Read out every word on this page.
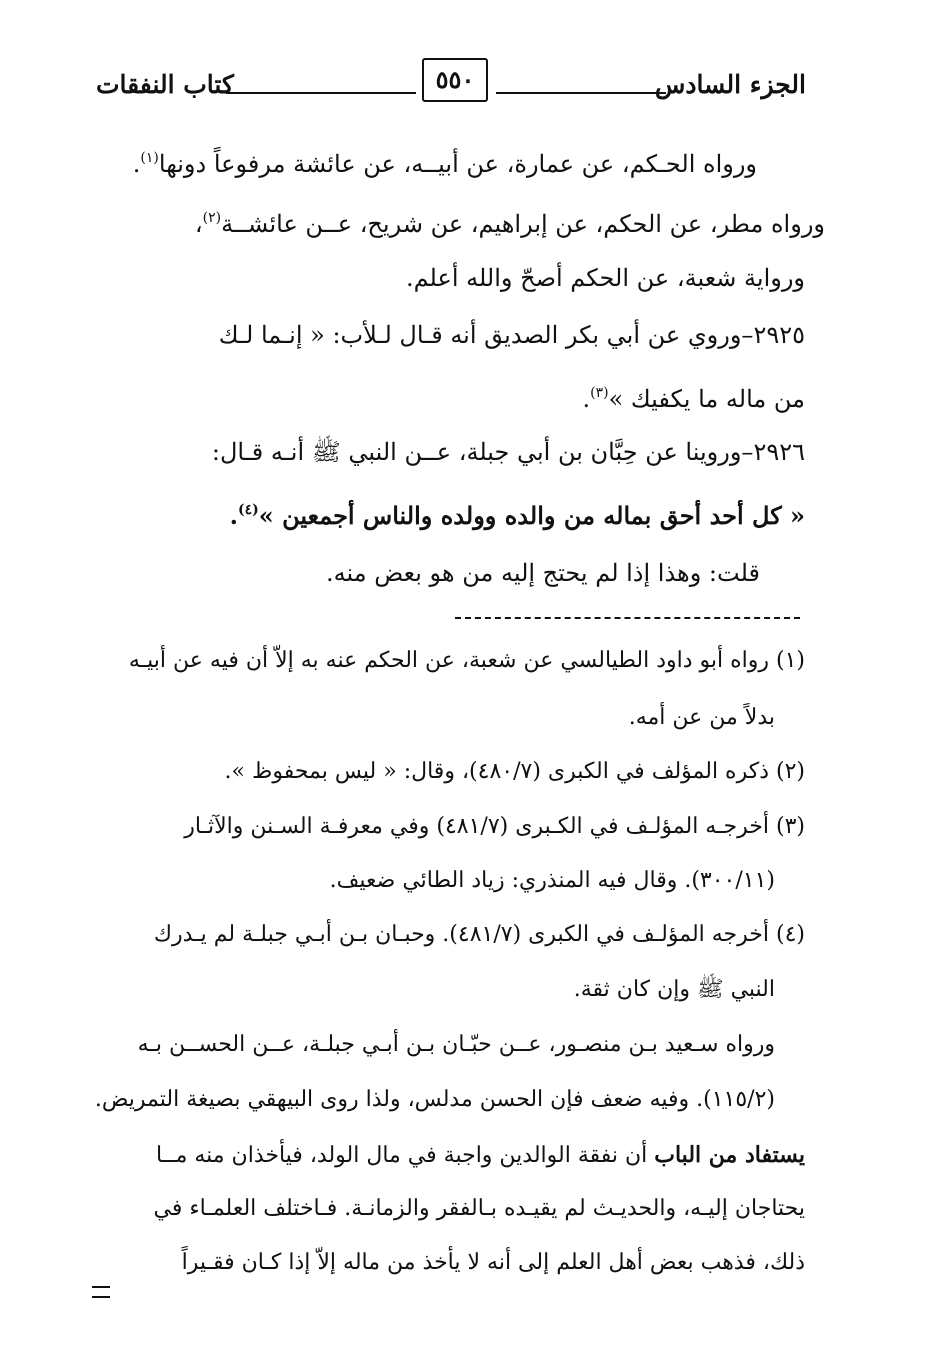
الجزء السادس
٥٥٠
كتاب النفقات
ورواه الحـكم، عن عمارة، عن أبيــه، عن عائشة مرفوعاً دونها$^{(١)}$.
ورواه مطر، عن الحكم، عن إبراهيم، عن شريح، عــن عائشــة$^{(٢)}$،
ورواية شعبة، عن الحكم أصحّ والله أعلم.
٢٩٢٥–وروي عن أبي بكر الصديق أنه قـال لـلأب: « إنـما لـك
من ماله ما يكفيك »$^{(٣)}$.
٢٩٢٦–وروينا عن حِبَّان بن أبي جبلة، عــن النبي ﷺ أنـه قـال:
« كل أحد أحق بماله من والده وولده والناس أجمعين »$^{(٤)}$.
قلت: وهذا إذا لم يحتج إليه من هو بعض منه.
(١) رواه أبو داود الطيالسي عن شعبة، عن الحكم عنه به إلاّ أن فيه عن أبيـه
بدلاً من عن أمه.
(٢) ذكره المؤلف في الكبرى (٤٨٠/٧)، وقال: « ليس بمحفوظ ».
(٣) أخرجـه المؤلـف في الكـبرى (٤٨١/٧) وفي معرفـة السـنن والآثـار
(٣٠٠/١١). وقال فيه المنذري: زياد الطائي ضعيف.
(٤) أخرجه المؤلـف في الكبرى (٤٨١/٧). وحبـان بـن أبـي جبلـة لم يـدرك
النبي ﷺ وإن كان ثقة.
ورواه سـعيد بـن منصـور، عــن حبّـان بـن أبـي جبلـة، عــن الحســن بـه
(١١٥/٢). وفيه ضعف فإن الحسن مدلس، ولذا روى البيهقي بصيغة التمريض.
يستفاد من الباب أن نفقة الوالدين واجبة في مال الولد، فيأخذان منه مــا
يحتاجان إليـه، والحديـث لم يقيـده بـالفقر والزمانـة. فـاختلف العلمـاء في
ذلك، فذهب بعض أهل العلم إلى أنه لا يأخذ من ماله إلاّ إذا كـان فقـيراً
